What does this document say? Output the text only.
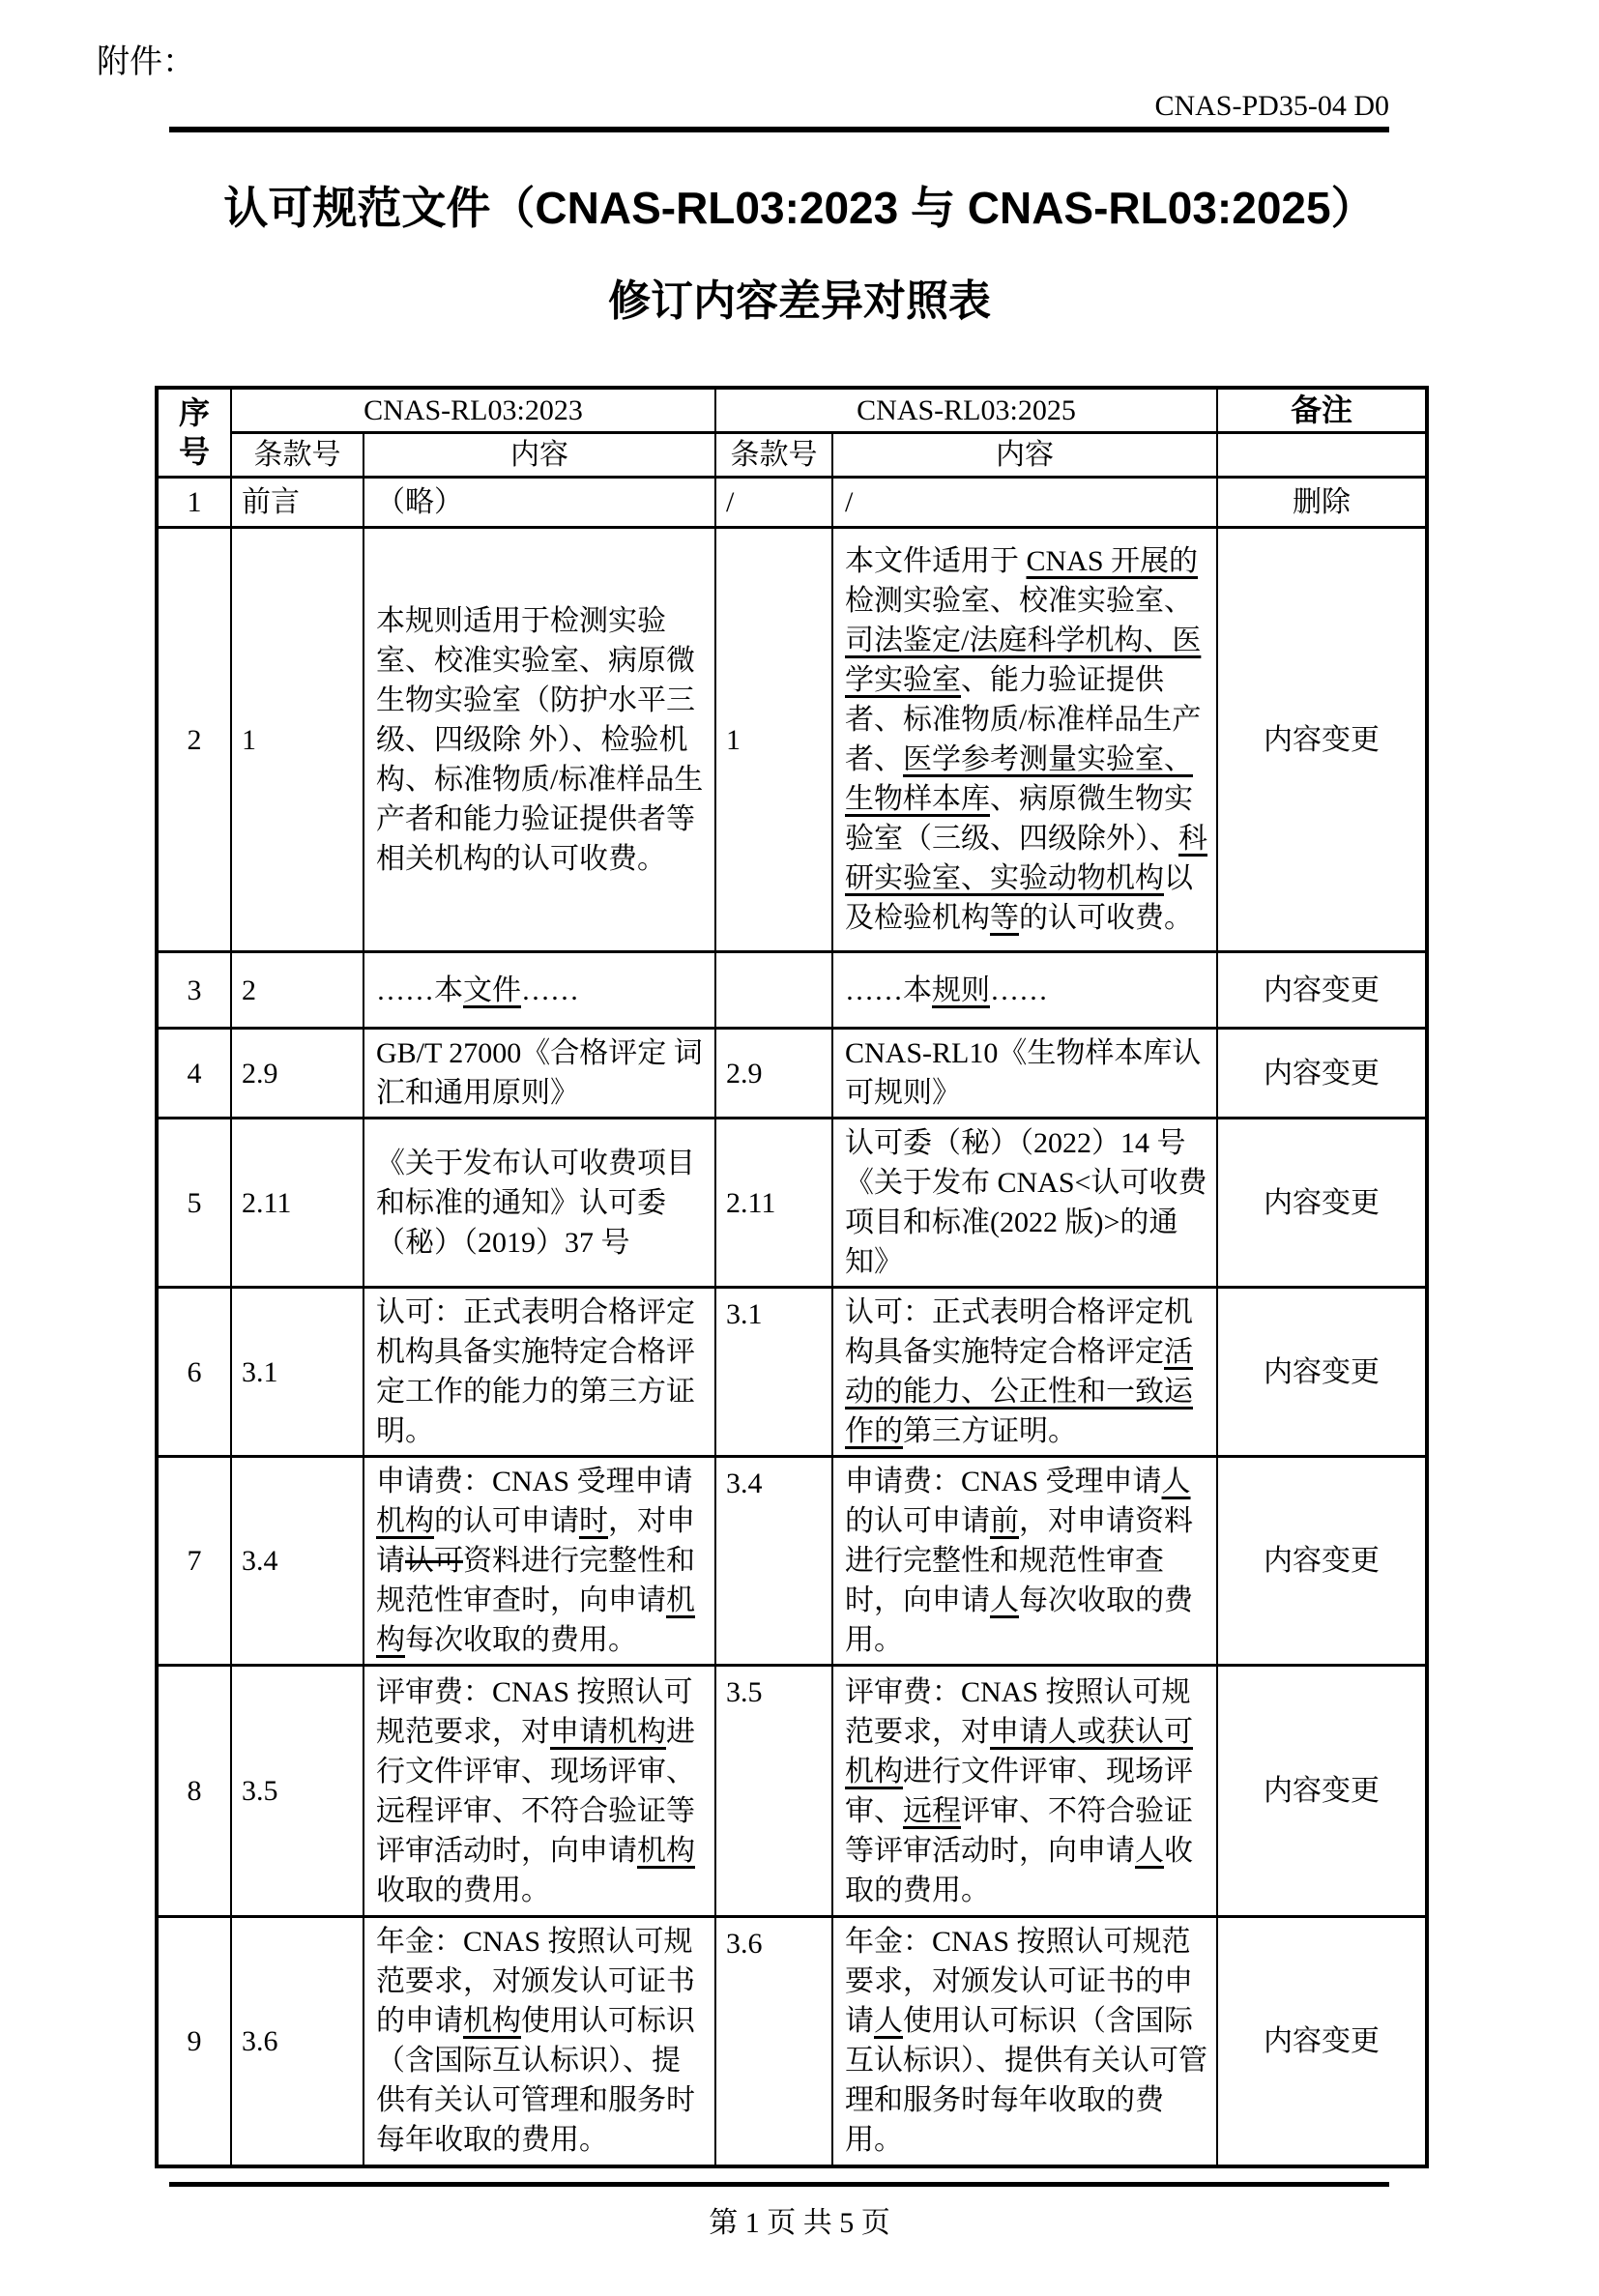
附件：
CNAS-PD35-04 D0
认可规范文件（CNAS-RL03:2023 与 CNAS-RL03:2025）
修订内容差异对照表
序号	CNAS-RL03:2023		CNAS-RL03:2025		备注
	条款号	内容	条款号	内容	
1	前言	（略）	/	/	删除
2	1	本规则适用于检测实验室、校准实验室、病原微生物实验室（防护水平三级、四级除 外）、检验机构、标准物质/标准样品生产者和能力验证提供者等相关机构的认可收费。	1	本文件适用于 CNAS 开展的检测实验室、校准实验室、司法鉴定/法庭科学机构、医学实验室、能力验证提供者、标准物质/标准样品生产者、医学参考测量实验室、生物样本库、病原微生物实验室（三级、四级除外）、科研实验室、实验动物机构以及检验机构等的认可收费。	内容变更
3	2	……本文件……		……本规则……	内容变更
4	2.9	GB/T 27000《合格评定 词汇和通用原则》	2.9	CNAS-RL10《生物样本库认可规则》	内容变更
5	2.11	《关于发布认可收费项目和标准的通知》认可委（秘）（2019）37 号	2.11	认可委（秘）（2022）14 号《关于发布 CNAS<认可收费项目和标准(2022 版)>的通知》	内容变更
6	3.1	认可：正式表明合格评定机构具备实施特定合格评定工作的能力的第三方证明。	3.1	认可：正式表明合格评定机构具备实施特定合格评定活动的能力、公正性和一致运作的第三方证明。	内容变更
7	3.4	申请费：CNAS 受理申请机构的认可申请时，对申请认可资料进行完整性和规范性审查时，向申请机构每次收取的费用。	3.4	申请费：CNAS 受理申请人的认可申请前，对申请资料进行完整性和规范性审查时，向申请人每次收取的费用。	内容变更
8	3.5	评审费：CNAS 按照认可规范要求，对申请机构进行文件评审、现场评审、远程评审、不符合验证等评审活动时，向申请机构收取的费用。	3.5	评审费：CNAS 按照认可规范要求，对申请人或获认可机构进行文件评审、现场评审、远程评审、不符合验证等评审活动时，向申请人收取的费用。	内容变更
9	3.6	年金：CNAS 按照认可规范要求，对颁发认可证书的申请机构使用认可标识（含国际互认标识）、提供有关认可管理和服务时每年收取的费用。	3.6	年金：CNAS 按照认可规范要求，对颁发认可证书的申请人使用认可标识（含国际互认标识）、提供有关认可管理和服务时每年收取的费用。	内容变更
第 1 页 共 5 页
